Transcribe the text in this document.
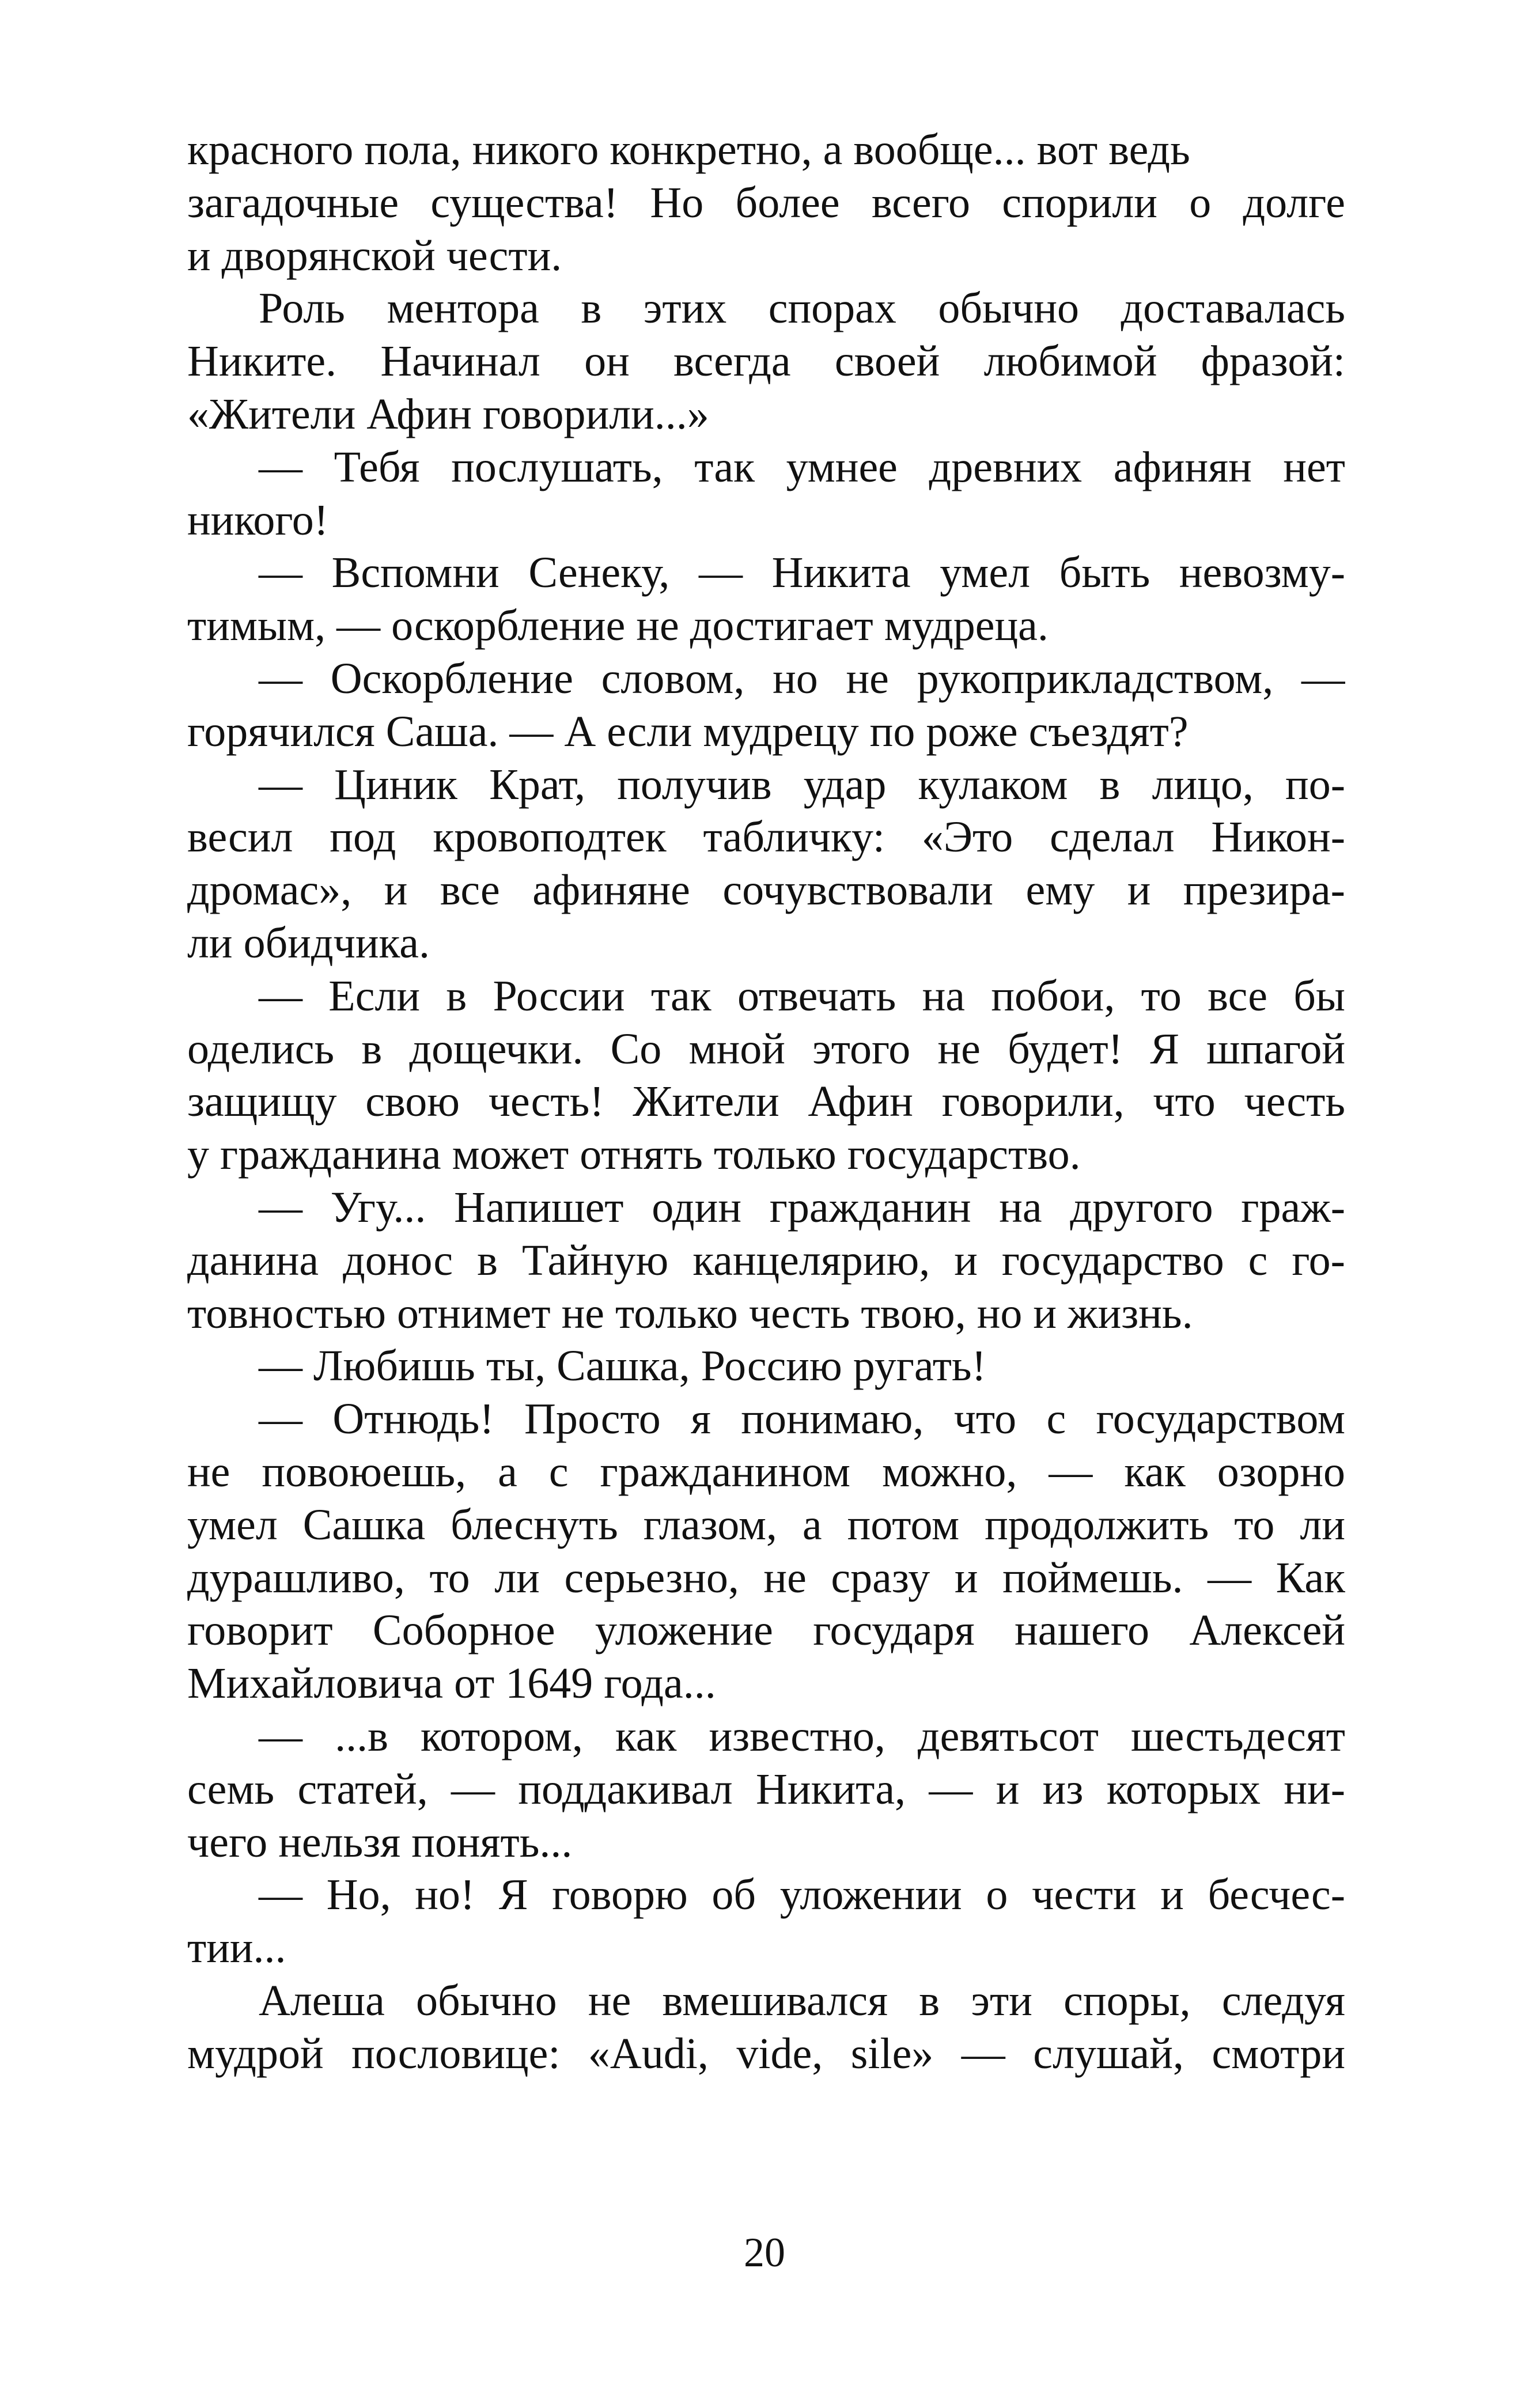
красного пола, никого конкретно, а вообще... вот ведь
загадочные существа! Но более всего спорили о долге
и дворянской чести.
Роль ментора в этих спорах обычно доставалась
Никите. Начинал он всегда своей любимой фразой:
«Жители Афин говорили...»
— Тебя послушать, так умнее древних афинян нет
никого!
— Вспомни Сенеку, — Никита умел быть невозму-
тимым, — оскорбление не достигает мудреца.
— Оскорбление словом, но не рукоприкладством, —
горячился Саша. — А если мудрецу по роже съездят?
— Циник Крат, получив удар кулаком в лицо, по-
весил под кровоподтек табличку: «Это сделал Никон-
дромас», и все афиняне сочувствовали ему и презира-
ли обидчика.
— Если в России так отвечать на побои, то все бы
оделись в дощечки. Со мной этого не будет! Я шпагой
защищу свою честь! Жители Афин говорили, что честь
у гражданина может отнять только государство.
— Угу... Напишет один гражданин на другого граж-
данина донос в Тайную канцелярию, и государство с го-
товностью отнимет не только честь твою, но и жизнь.
— Любишь ты, Сашка, Россию ругать!
— Отнюдь! Просто я понимаю, что с государством
не повоюешь, а с гражданином можно, — как озорно
умел Сашка блеснуть глазом, а потом продолжить то ли
дурашливо, то ли серьезно, не сразу и поймешь. — Как
говорит Соборное уложение государя нашего Алексей
Михайловича от 1649 года...
— ...в котором, как известно, девятьсот шестьдесят
семь статей, — поддакивал Никита, — и из которых ни-
чего нельзя понять...
— Но, но! Я говорю об уложении о чести и бесчес-
тии...
Алеша обычно не вмешивался в эти споры, следуя
мудрой пословице: «Audi, vide, sile» — слушай, смотри
20
